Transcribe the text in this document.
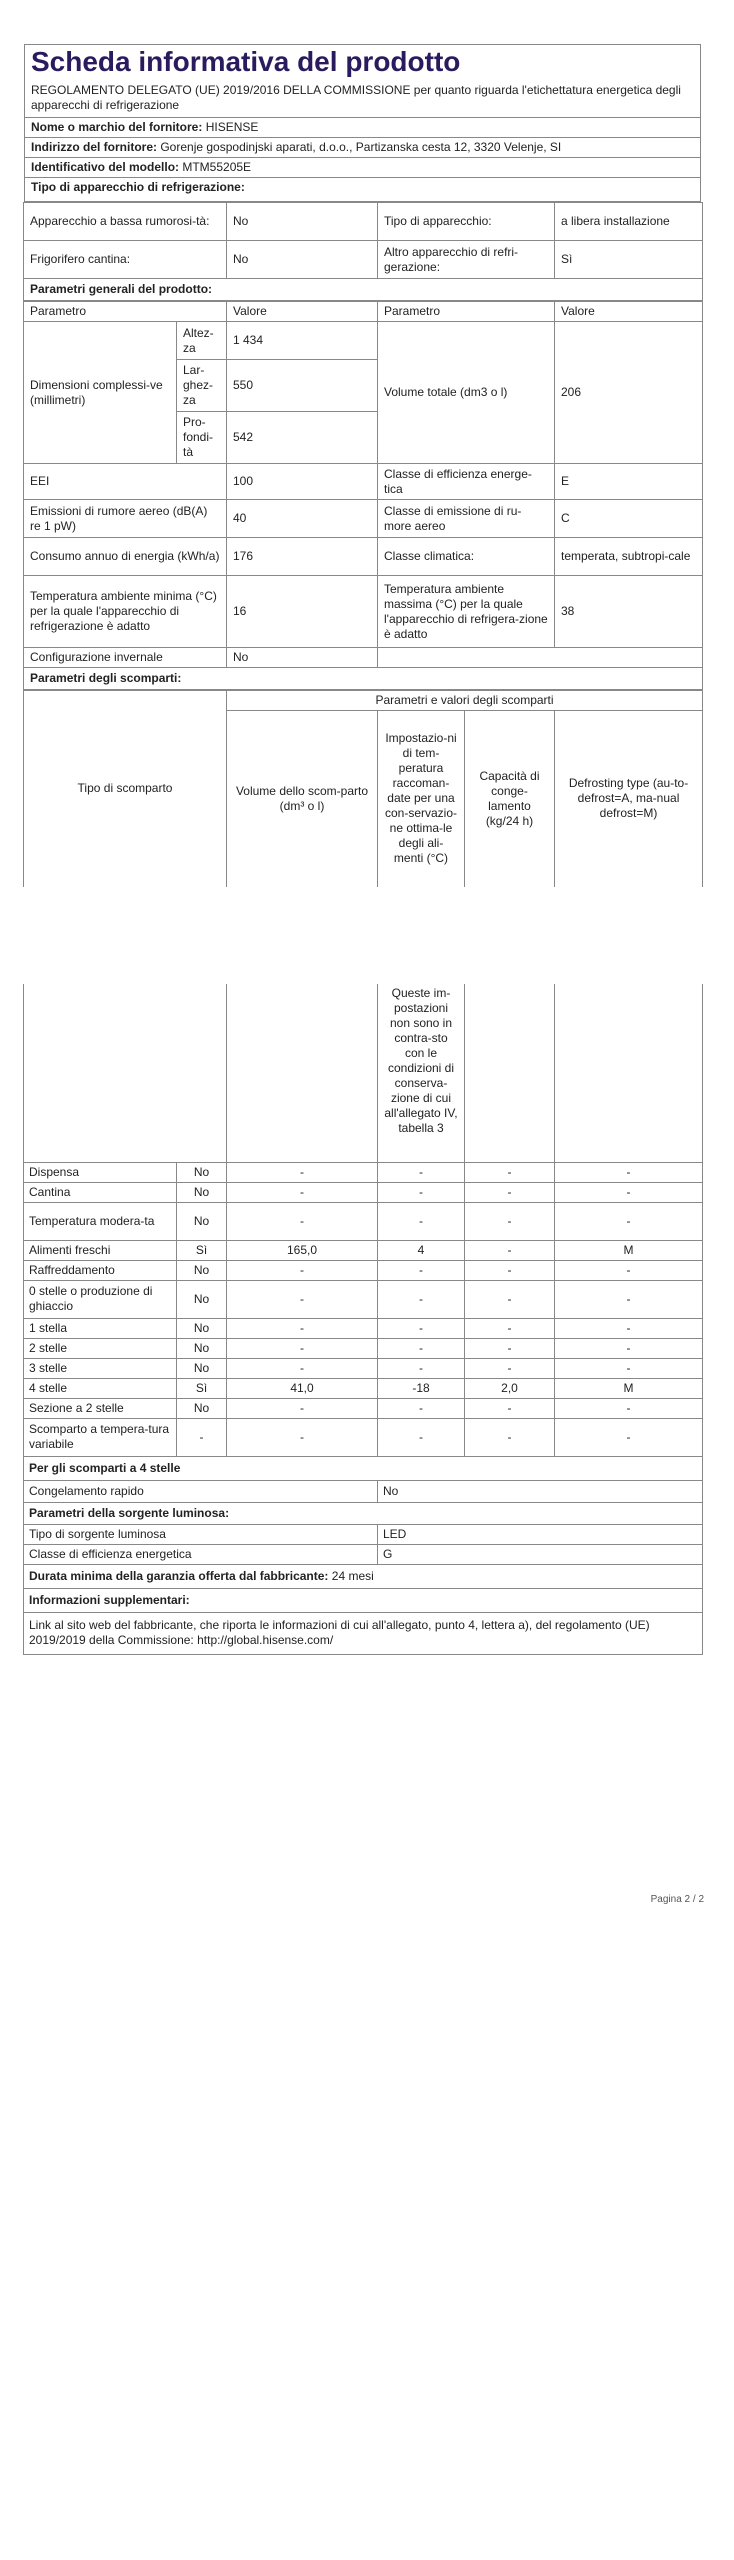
Scheda informativa del prodotto
REGOLAMENTO DELEGATO (UE) 2019/2016 DELLA COMMISSIONE per quanto riguarda l'etichettatura energetica degli apparecchi di refrigerazione
Nome o marchio del fornitore: HISENSE
Indirizzo del fornitore: Gorenje gospodinjski aparati, d.o.o., Partizanska cesta 12, 3320 Velenje, SI
Identificativo del modello: MTM55205E
Tipo di apparecchio di refrigerazione:
Apparecchio a bassa rumorosi-tà:	No	Tipo di apparecchio:	a libera installazione
Frigorifero cantina:	No	Altro apparecchio di refri-gerazione:	Sì
Parametri generali del prodotto:			
Parametro		Valore	Parametro	Valore
Dimensioni complessi-ve (millimetri)	Altez-za	1 434	Volume totale (dm3 o l)	206
	Lar-ghez-za	550		
	Pro-fondi-tà	542		
EEI		100	Classe di efficienza energe-tica	E
Emissioni di rumore aereo (dB(A) re 1 pW)		40	Classe di emissione di ru-more aereo	C
Consumo annuo di energia (kWh/a)		176	Classe climatica:	temperata, subtropi-cale
Temperatura ambiente minima (°C) per la quale l'apparecchio di refrigerazione è adatto		16	Temperatura ambiente massima (°C) per la quale l'apparecchio di refrigera-zione è adatto	38
Configurazione invernale		No		
Parametri degli scomparti:				
Tipo di scomparto	Parametri e valori degli scomparti			
	Volume dello scom-parto (dm³ o l)	Impostazio-ni di tem-peratura raccoman-date per una con-servazio-ne ottima-le degli ali-menti (°C)	Capacità di conge-lamento (kg/24 h)	Defrosting type (au-to-defrost=A, ma-nual defrost=M)
			Queste im-postazioni non sono in contra-sto con le condizioni di conserva-zione di cui all'allegato IV, tabella 3		
Dispensa	No	-	-	-	-
Cantina	No	-	-	-	-
Temperatura modera-ta	No	-	-	-	-
Alimenti freschi	Sì	165,0	4	-	M
Raffreddamento	No	-	-	-	-
0 stelle o produzione di ghiaccio	No	-	-	-	-
1 stella	No	-	-	-	-
2 stelle	No	-	-	-	-
3 stelle	No	-	-	-	-
4 stelle	Sì	41,0	-18	2,0	M
Sezione a 2 stelle	No	-	-	-	-
Scomparto a tempera-tura variabile	-	-	-	-	-
Per gli scomparti a 4 stelle					
Congelamento rapido			No		
Parametri della sorgente luminosa:					
Tipo di sorgente luminosa			LED		
Classe di efficienza energetica			G		
Durata minima della garanzia offerta dal fabbricante: 24 mesi					
Informazioni supplementari:					
Link al sito web del fabbricante, che riporta le informazioni di cui all'allegato, punto 4, lettera a), del regolamento (UE) 2019/2019 della Commissione: http://global.hisense.com/					
Pagina 2 / 2
